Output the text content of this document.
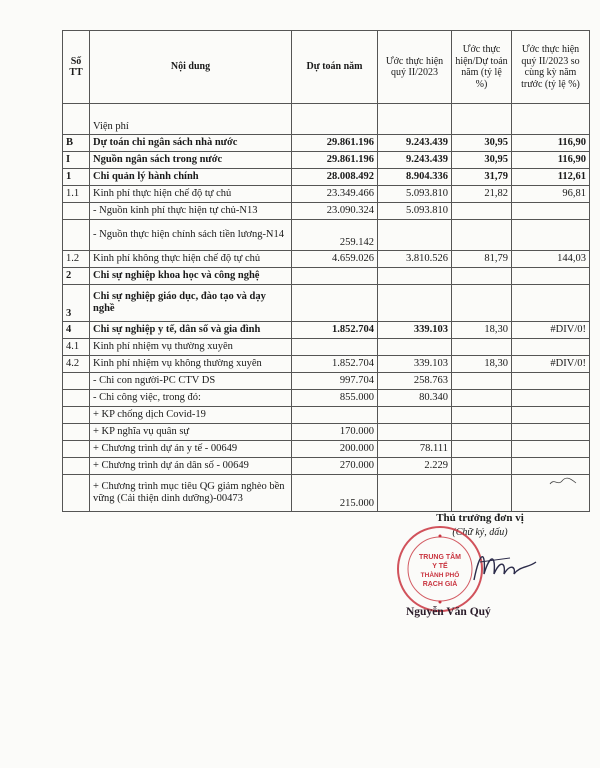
Số TT	Nội dung	Dự toán năm	Ước thực hiện quý II/2023	Ước thực hiện/Dự toán năm (tỷ lệ %)	Ước thực hiện quý II/2023 so cùng kỳ năm trước (tỷ lệ %)
	Viện phí				
B	Dự toán chi ngân sách nhà nước	29.861.196	9.243.439	30,95	116,90
I	Nguồn ngân sách trong nước	29.861.196	9.243.439	30,95	116,90
1	Chi quản lý hành chính	28.008.492	8.904.336	31,79	112,61
1.1	Kinh phí thực hiện chế độ tự chủ	23.349.466	5.093.810	21,82	96,81
	- Nguồn kinh phí thực hiện tự chủ-N13	23.090.324	5.093.810		
	- Nguồn thực hiện chính sách tiền lương-N14	259.142			
1.2	Kinh phí không thực hiện chế độ tự chủ	4.659.026	3.810.526	81,79	144,03
2	Chi sự nghiệp khoa học và công nghệ				
3	Chi sự nghiệp giáo dục, đào tạo và dạy nghề				
4	Chi sự nghiệp y tế, dân số và gia đình	1.852.704	339.103	18,30	#DIV/0!
4.1	Kinh phí nhiệm vụ thường xuyên				
4.2	Kinh phí nhiệm vụ không thường xuyên	1.852.704	339.103	18,30	#DIV/0!
	- Chi con người-PC CTV DS	997.704	258.763		
	- Chi công việc, trong đó:	855.000	80.340		
	+ KP chống dịch Covid-19				
	+ KP nghĩa vụ quân sự	170.000			
	+ Chương trình dự án y tế - 00649	200.000	78.111		
	+ Chương trình dự án dân số - 00649	270.000	2.229		
	+ Chương trình mục tiêu QG giảm nghèo bền vững (Cải thiện dinh dưỡng)-00473	215.000			
Thủ trưởng đơn vị
(Chữ ký, dấu)
TRUNG TÂM
Y TẾ
THÀNH PHỐ
RẠCH GIÁ
Nguyễn Văn Quý
